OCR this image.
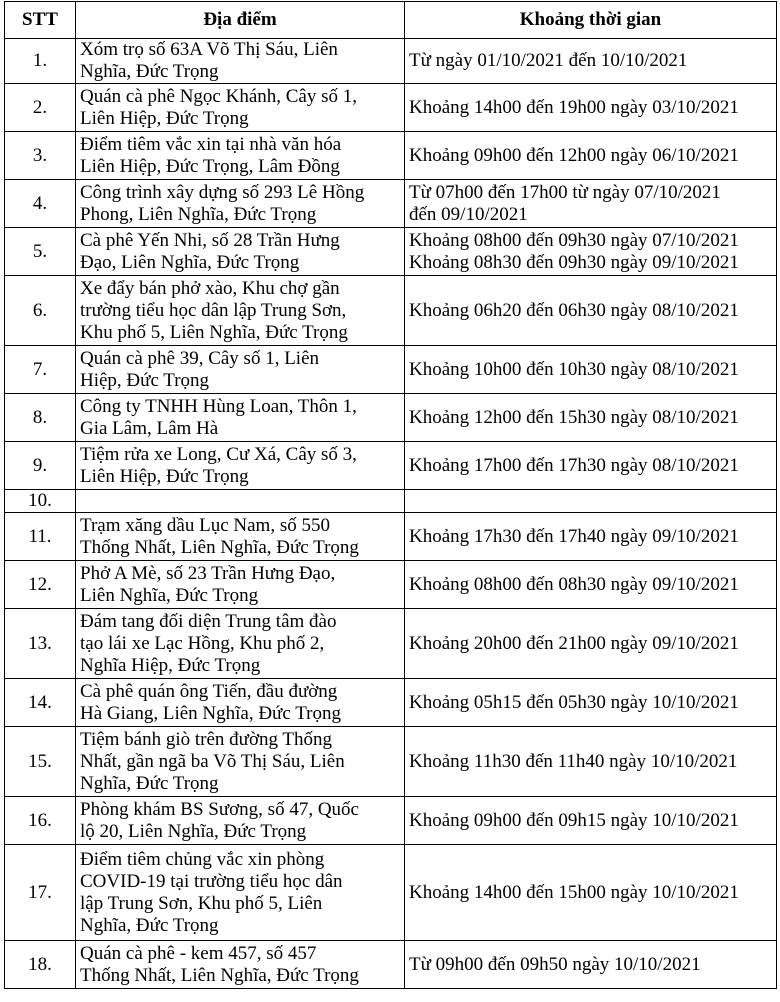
STT	Địa điểm	Khoảng thời gian
1.	Xóm trọ số 63A Võ Thị Sáu, Liên
Nghĩa, Đức Trọng	Từ ngày 01/10/2021 đến 10/10/2021

2.	Quán cà phê Ngọc Khánh, Cây số 1,
Liên Hiệp, Đức Trọng	Khoảng 14h00 đến 19h00 ngày 03/10/2021

3.	Điểm tiêm vắc xin tại nhà văn hóa
Liên Hiệp, Đức Trọng, Lâm Đồng	Khoảng 09h00 đến 12h00 ngày 06/10/2021

4.	Công trình xây dựng số 293 Lê Hồng
Phong, Liên Nghĩa, Đức Trọng	Từ 07h00 đến 17h00 từ ngày 07/10/2021
đến 09/10/2021

5.	Cà phê Yến Nhi, số 28 Trần Hưng
Đạo, Liên Nghĩa, Đức Trọng	Khoảng 08h00 đến 09h30 ngày 07/10/2021
Khoảng 08h30 đến 09h30 ngày 09/10/2021

6.	Xe đẩy bán phở xào, Khu chợ gần
trường tiểu học dân lập Trung Sơn,
Khu phố 5, Liên Nghĩa, Đức Trọng	Khoảng 06h20 đến 06h30 ngày 08/10/2021

7.	Quán cà phê 39, Cây số 1, Liên
Hiệp, Đức Trọng	Khoảng 10h00 đến 10h30 ngày 08/10/2021

8.	Công ty TNHH Hùng Loan, Thôn 1,
Gia Lâm, Lâm Hà	Khoảng 12h00 đến 15h30 ngày 08/10/2021

9.	Tiệm rửa xe Long, Cư Xá, Cây số 3,
Liên Hiệp, Đức Trọng	Khoảng 17h00 đến 17h30 ngày 08/10/2021

10.		
11.	Trạm xăng dầu Lục Nam, số 550
Thống Nhất, Liên Nghĩa, Đức Trọng	Khoảng 17h30 đến 17h40 ngày 09/10/2021

12.	Phở A Mè, số 23 Trần Hưng Đạo,
Liên Nghĩa, Đức Trọng	Khoảng 08h00 đến 08h30 ngày 09/10/2021

13.	Đám tang đối diện Trung tâm đào
tạo lái xe Lạc Hồng, Khu phố 2,
Nghĩa Hiệp, Đức Trọng	Khoảng 20h00 đến 21h00 ngày 09/10/2021

14.	Cà phê quán ông Tiến, đầu đường
Hà Giang, Liên Nghĩa, Đức Trọng	Khoảng 05h15 đến 05h30 ngày 10/10/2021

15.	Tiệm bánh giò trên đường Thống
Nhất, gần ngã ba Võ Thị Sáu, Liên
Nghĩa, Đức Trọng	Khoảng 11h30 đến 11h40 ngày 10/10/2021

16.	Phòng khám BS Sương, số 47, Quốc
lộ 20, Liên Nghĩa, Đức Trọng	Khoảng 09h00 đến 09h15 ngày 10/10/2021

17.	Điểm tiêm chủng vắc xin phòng
COVID-19 tại trường tiểu học dân
lập Trung Sơn, Khu phố 5, Liên
Nghĩa, Đức Trọng	Khoảng 14h00 đến 15h00 ngày 10/10/2021

18.	Quán cà phê - kem 457, số 457
Thống Nhất, Liên Nghĩa, Đức Trọng	Từ 09h00 đến 09h50 ngày 10/10/2021
